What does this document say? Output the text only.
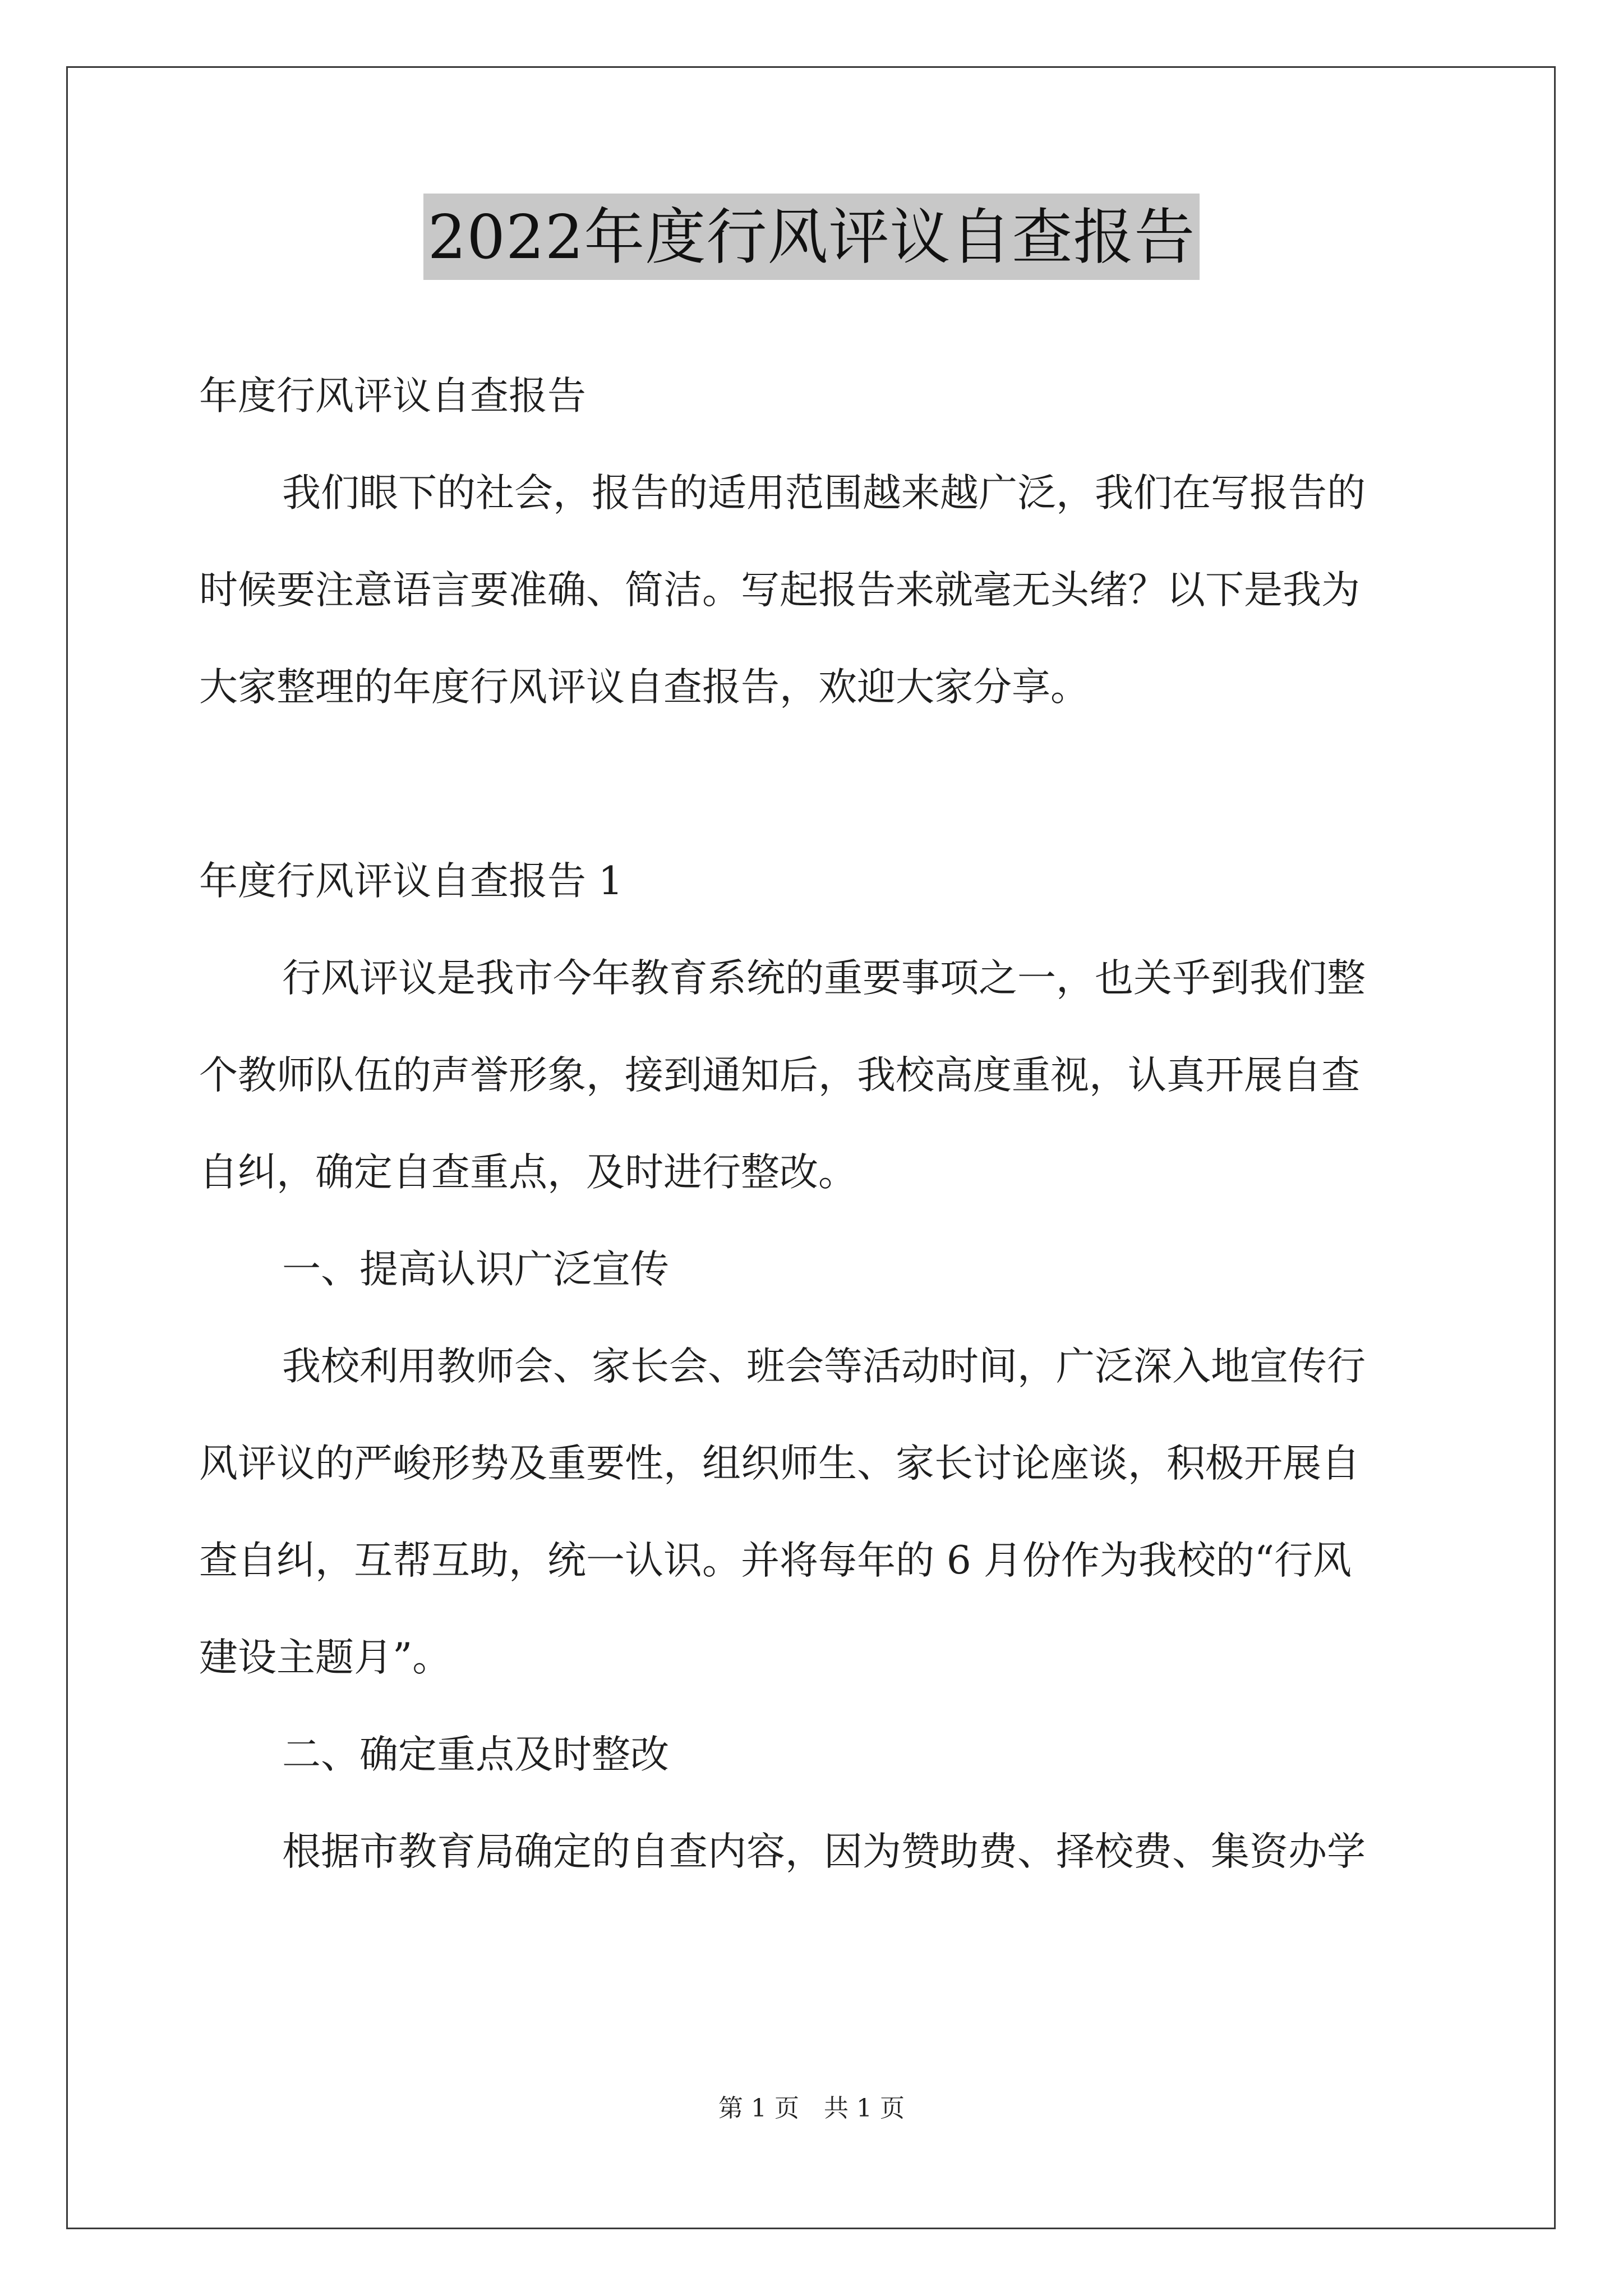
2022年度行风评议自查报告

年度行风评议自查报告

我们眼下的社会，报告的适用范围越来越广泛，我们在写报告的

时候要注意语言要准确、简洁。写起报告来就毫无头绪？以下是我为

大家整理的年度行风评议自查报告，欢迎大家分享。

年度行风评议自查报告 1

行风评议是我市今年教育系统的重要事项之一，也关乎到我们整

个教师队伍的声誉形象，接到通知后，我校高度重视，认真开展自查

自纠，确定自查重点，及时进行整改。

一、提高认识广泛宣传

我校利用教师会、家长会、班会等活动时间，广泛深入地宣传行

风评议的严峻形势及重要性，组织师生、家长讨论座谈，积极开展自

查自纠，互帮互助，统一认识。并将每年的 6 月份作为我校的“行风

建设主题月”。

二、确定重点及时整改

根据市教育局确定的自查内容，因为赞助费、择校费、集资办学

第 1 页 共 1 页
